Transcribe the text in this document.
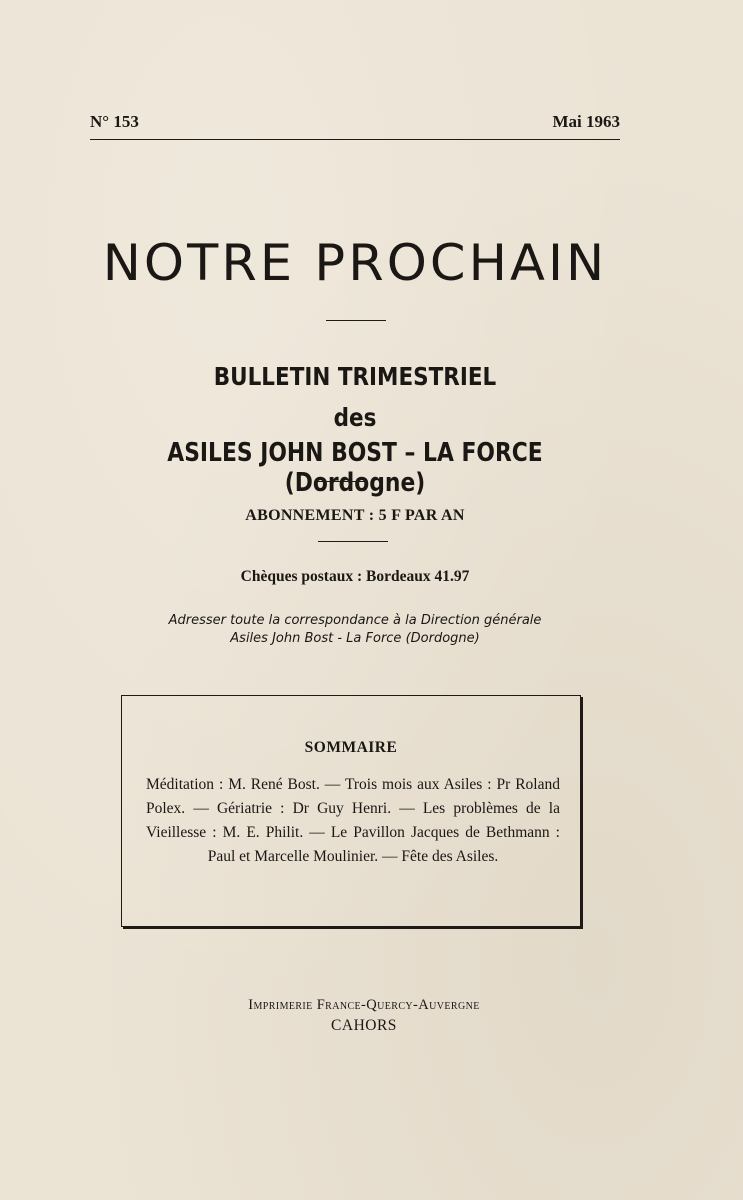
N° 153	Mai 1963
NOTRE PROCHAIN
BULLETIN TRIMESTRIEL
des
ASILES JOHN BOST – LA FORCE (Dordogne)
ABONNEMENT : 5 F PAR AN
Chèques postaux : Bordeaux 41.97
Adresser toute la correspondance à la Direction générale
Asiles John Bost - La Force (Dordogne)
SOMMAIRE
Méditation : M. René Bost. — Trois mois aux Asiles : Pr Roland Polex. — Gériatrie : Dr Guy Henri. — Les problèmes de la Vieillesse : M. E. Philit. — Le Pavillon Jacques de Bethmann : Paul et Marcelle Moulinier. — Fête des Asiles.
Imprimerie France-Quercy-Auvergne
CAHORS
